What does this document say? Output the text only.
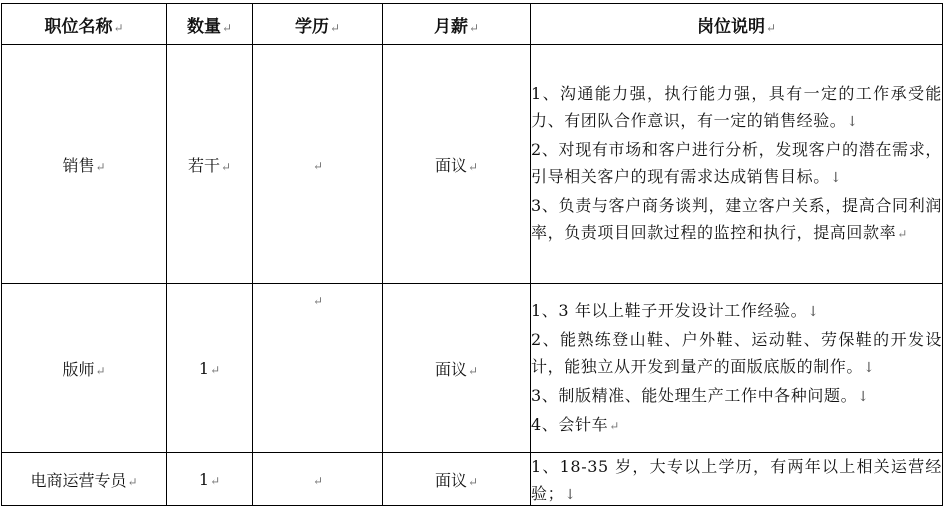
职位名称↵	数量↵	学历↵	月薪↵	岗位说明↵
销售↵	若干↵	↵	面议↵	1、沟通能力强，执行能力强，具有一定的工作承受能力、有团队合作意识，有一定的销售经验。↓
2、对现有市场和客户进行分析，发现客户的潜在需求，引导相关客户的现有需求达成销售目标。↓
3、负责与客户商务谈判，建立客户关系，提高合同利润率，负责项目回款过程的监控和执行，提高回款率↵

版师↵	1↵	↵	面议↵	1、3 年以上鞋子开发设计工作经验。↓
2、能熟练登山鞋、户外鞋、运动鞋、劳保鞋的开发设计，能独立从开发到量产的面版底版的制作。↓
3、制版精准、能处理生产工作中各种问题。↓
4、会针车↵

电商运营专员↵	1↵	↵	面议↵	1、18-35 岁，大专以上学历，有两年以上相关运营经验；↓
